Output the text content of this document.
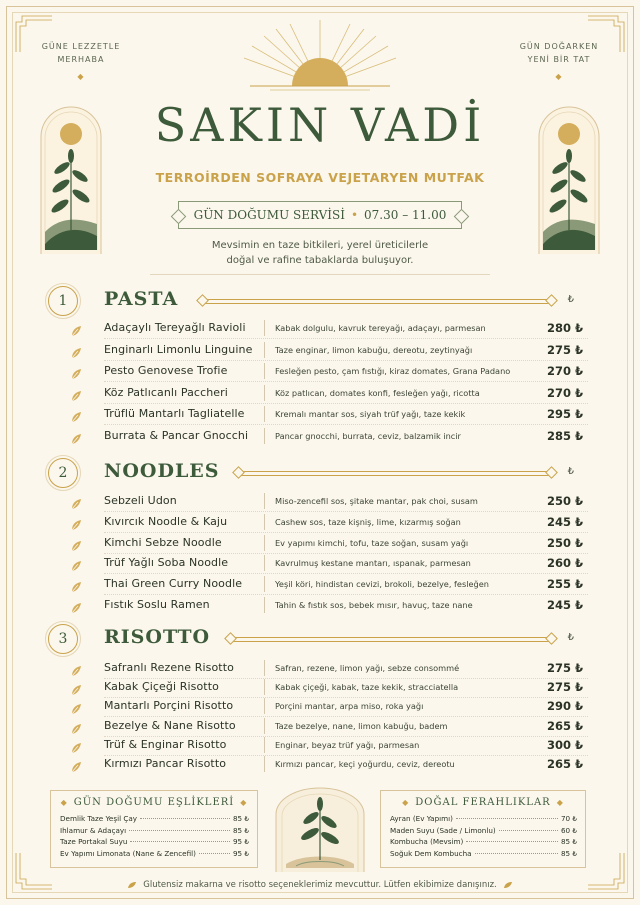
GÜNE LEZZETLE
MERHABA
◆
GÜN DOĞARKEN
YENİ BİR TAT
◆
SAKIN VADİ
TERROİRDEN SOFRAYA VEJETARYEN MUTFAK
GÜN DOĞUMU SERVİSİ • 07.30 – 11.00
Mevsimin en taze bitkileri, yerel üreticilerle
doğal ve rafine tabaklarda buluşuyor.
1	PASTA	₺
Adaçaylı Tereyağlı Ravioli	Kabak dolgulu, kavruk tereyağı, adaçayı, parmesan	280 ₺
Enginarlı Limonlu Linguine	Taze enginar, limon kabuğu, dereotu, zeytinyağı	275 ₺
Pesto Genovese Trofie	Fesleğen pesto, çam fıstığı, kiraz domates, Grana Padano	270 ₺
Köz Patlıcanlı Paccheri	Köz patlıcan, domates konfi, fesleğen yağı, ricotta	270 ₺
Trüflü Mantarlı Tagliatelle	Kremalı mantar sos, siyah trüf yağı, taze kekik	295 ₺
Burrata & Pancar Gnocchi	Pancar gnocchi, burrata, ceviz, balzamik incir	285 ₺
2	NOODLES	₺
Sebzeli Udon	Miso-zencefil sos, şitake mantar, pak choi, susam	250 ₺
Kıvırcık Noodle & Kaju	Cashew sos, taze kişniş, lime, kızarmış soğan	245 ₺
Kimchi Sebze Noodle	Ev yapımı kimchi, tofu, taze soğan, susam yağı	250 ₺
Trüf Yağlı Soba Noodle	Kavrulmuş kestane mantarı, ıspanak, parmesan	260 ₺
Thai Green Curry Noodle	Yeşil köri, hindistan cevizi, brokoli, bezelye, fesleğen	255 ₺
Fıstık Soslu Ramen	Tahin & fıstık sos, bebek mısır, havuç, taze nane	245 ₺
3	RISOTTO	₺
Safranlı Rezene Risotto	Safran, rezene, limon yağı, sebze consommé	275 ₺
Kabak Çiçeği Risotto	Kabak çiçeği, kabak, taze kekik, stracciatella	275 ₺
Mantarlı Porçini Risotto	Porçini mantar, arpa miso, roka yağı	290 ₺
Bezelye & Nane Risotto	Taze bezelye, nane, limon kabuğu, badem	265 ₺
Trüf & Enginar Risotto	Enginar, beyaz trüf yağı, parmesan	300 ₺
Kırmızı Pancar Risotto	Kırmızı pancar, keçi yoğurdu, ceviz, dereotu	265 ₺
◆ GÜN DOĞUMU EŞLİKLERİ ◆
Demlik Taze Yeşil Çay	85 ₺
Ihlamur & Adaçayı	85 ₺
Taze Portakal Suyu	95 ₺
Ev Yapımı Limonata (Nane & Zencefil)	95 ₺
◆ DOĞAL FERAHLIKLAR ◆
Ayran (Ev Yapımı)	70 ₺
Maden Suyu (Sade / Limonlu)	60 ₺
Kombucha (Mevsim)	85 ₺
Soğuk Dem Kombucha	85 ₺
Glutensiz makarna ve risotto seçeneklerimiz mevcuttur. Lütfen ekibimize danışınız.
